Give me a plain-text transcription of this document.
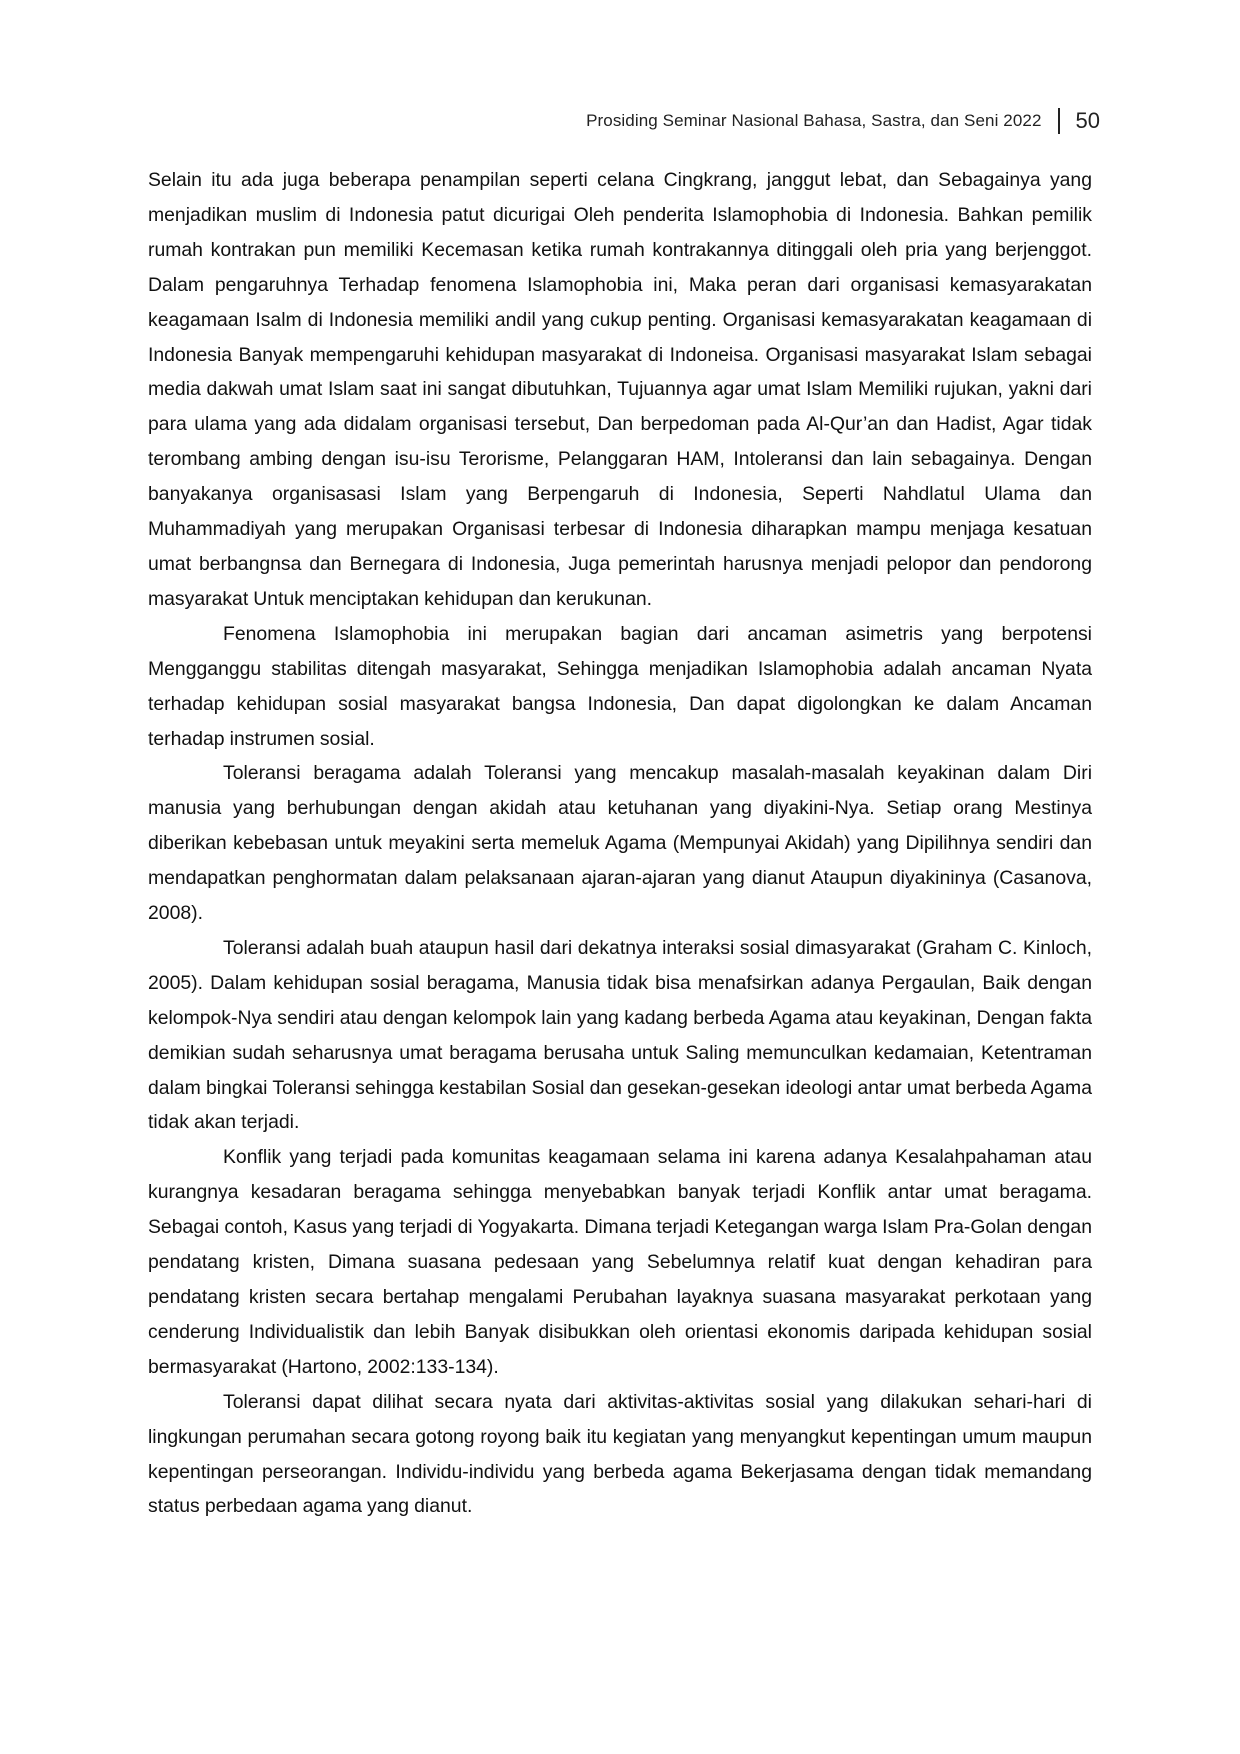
Prosiding Seminar Nasional Bahasa, Sastra, dan Seni 2022 50

Selain itu ada juga beberapa penampilan seperti celana Cingkrang, janggut lebat, dan Sebagainya yang menjadikan muslim di Indonesia patut dicurigai Oleh penderita Islamophobia di Indonesia. Bahkan pemilik rumah kontrakan pun memiliki Kecemasan ketika rumah kontrakannya ditinggali oleh pria yang berjenggot. Dalam pengaruhnya Terhadap fenomena Islamophobia ini, Maka peran dari organisasi kemasyarakatan keagamaan Isalm di Indonesia memiliki andil yang cukup penting. Organisasi kemasyarakatan keagamaan di Indonesia Banyak mempengaruhi kehidupan masyarakat di Indoneisa. Organisasi masyarakat Islam sebagai media dakwah umat Islam saat ini sangat dibutuhkan, Tujuannya agar umat Islam Memiliki rujukan, yakni dari para ulama yang ada didalam organisasi tersebut, Dan berpedoman pada Al-Qur’an dan Hadist, Agar tidak terombang ambing dengan isu-isu Terorisme, Pelanggaran HAM, Intoleransi dan lain sebagainya. Dengan banyakanya organisasasi Islam yang Berpengaruh di Indonesia, Seperti Nahdlatul Ulama dan Muhammadiyah yang merupakan Organisasi terbesar di Indonesia diharapkan mampu menjaga kesatuan umat berbangnsa dan Bernegara di Indonesia, Juga pemerintah harusnya menjadi pelopor dan pendorong masyarakat Untuk menciptakan kehidupan dan kerukunan.

Fenomena Islamophobia ini merupakan bagian dari ancaman asimetris yang berpotensi Mengganggu stabilitas ditengah masyarakat, Sehingga menjadikan Islamophobia adalah ancaman Nyata terhadap kehidupan sosial masyarakat bangsa Indonesia, Dan dapat digolongkan ke dalam Ancaman terhadap instrumen sosial.

Toleransi beragama adalah Toleransi yang mencakup masalah-masalah keyakinan dalam Diri manusia yang berhubungan dengan akidah atau ketuhanan yang diyakini-Nya. Setiap orang Mestinya diberikan kebebasan untuk meyakini serta memeluk Agama (Mempunyai Akidah) yang Dipilihnya sendiri dan mendapatkan penghormatan dalam pelaksanaan ajaran-ajaran yang dianut Ataupun diyakininya (Casanova, 2008).

Toleransi adalah buah ataupun hasil dari dekatnya interaksi sosial dimasyarakat (Graham C. Kinloch, 2005). Dalam kehidupan sosial beragama, Manusia tidak bisa menafsirkan adanya Pergaulan, Baik dengan kelompok-Nya sendiri atau dengan kelompok lain yang kadang berbeda Agama atau keyakinan, Dengan fakta demikian sudah seharusnya umat beragama berusaha untuk Saling memunculkan kedamaian, Ketentraman dalam bingkai Toleransi sehingga kestabilan Sosial dan gesekan-gesekan ideologi antar umat berbeda Agama tidak akan terjadi.

Konflik yang terjadi pada komunitas keagamaan selama ini karena adanya Kesalahpahaman atau kurangnya kesadaran beragama sehingga menyebabkan banyak terjadi Konflik antar umat beragama. Sebagai contoh, Kasus yang terjadi di Yogyakarta. Dimana terjadi Ketegangan warga Islam Pra-Golan dengan pendatang kristen, Dimana suasana pedesaan yang Sebelumnya relatif kuat dengan kehadiran para pendatang kristen secara bertahap mengalami Perubahan layaknya suasana masyarakat perkotaan yang cenderung Individualistik dan lebih Banyak disibukkan oleh orientasi ekonomis daripada kehidupan sosial bermasyarakat (Hartono, 2002:133-134).

Toleransi dapat dilihat secara nyata dari aktivitas-aktivitas sosial yang dilakukan sehari-hari di lingkungan perumahan secara gotong royong baik itu kegiatan yang menyangkut kepentingan umum maupun kepentingan perseorangan. Individu-individu yang berbeda agama Bekerjasama dengan tidak memandang status perbedaan agama yang dianut.
